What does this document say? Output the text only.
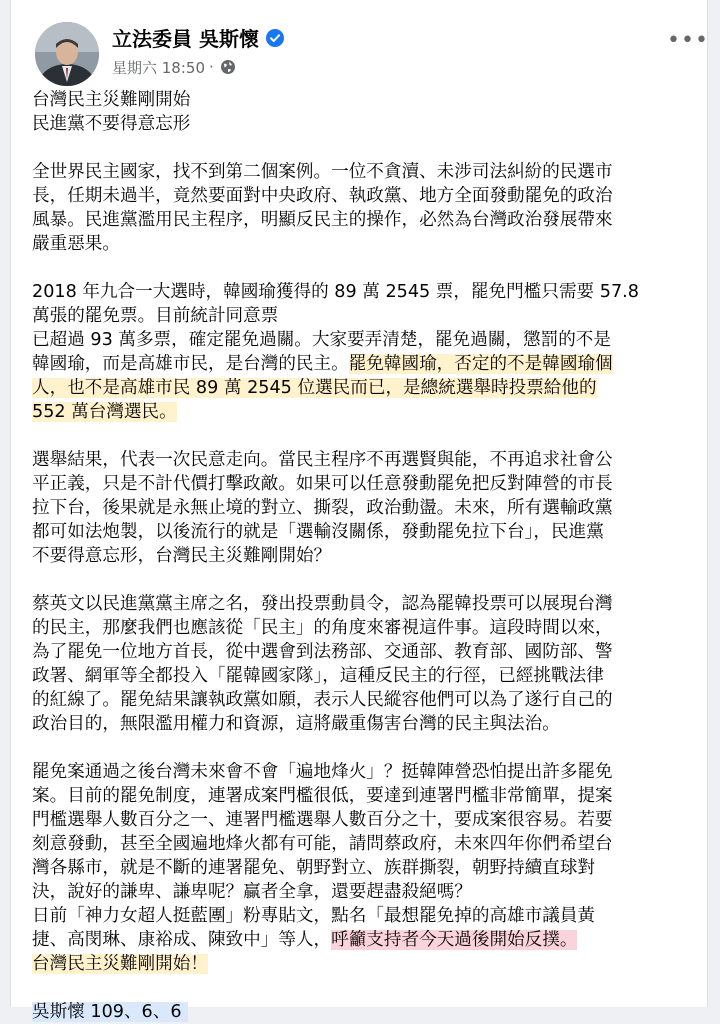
立法委員 吳斯懷
星期六 18:50 ·
•••
台灣民主災難剛開始
民進黨不要得意忘形
全世界民主國家，找不到第二個案例。一位不貪瀆、未涉司法糾紛的民選市
長，任期未過半，竟然要面對中央政府、執政黨、地方全面發動罷免的政治
風暴。民進黨濫用民主程序，明顯反民主的操作，必然為台灣政治發展帶來
嚴重惡果。
2018 年九合一大選時，韓國瑜獲得的 89 萬 2545 票，罷免門檻只需要 57.8
萬張的罷免票。目前統計同意票
已超過 93 萬多票，確定罷免過關。大家要弄清楚，罷免過關，懲罰的不是
韓國瑜，而是高雄市民，是台灣的民主。罷免韓國瑜，否定的不是韓國瑜個
人，也不是高雄市民 89 萬 2545 位選民而已，是總統選舉時投票給他的
552 萬台灣選民。
選舉結果，代表一次民意走向。當民主程序不再選賢與能，不再追求社會公
平正義，只是不計代價打擊政敵。如果可以任意發動罷免把反對陣營的市長
拉下台，後果就是永無止境的對立、撕裂，政治動盪。未來，所有選輸政黨
都可如法炮製，以後流行的就是「選輸沒關係，發動罷免拉下台」，民進黨
不要得意忘形，台灣民主災難剛開始？
蔡英文以民進黨黨主席之名，發出投票動員令，認為罷韓投票可以展現台灣
的民主，那麼我們也應該從「民主」的角度來審視這件事。這段時間以來，
為了罷免一位地方首長，從中選會到法務部、交通部、教育部、國防部、警
政署、網軍等全都投入「罷韓國家隊」，這種反民主的行徑，已經挑戰法律
的紅線了。罷免結果讓執政黨如願，表示人民縱容他們可以為了遂行自己的
政治目的，無限濫用權力和資源，這將嚴重傷害台灣的民主與法治。
罷免案通過之後台灣未來會不會「遍地烽火」？挺韓陣營恐怕提出許多罷免
案。目前的罷免制度，連署成案門檻很低，要達到連署門檻非常簡單，提案
門檻選舉人數百分之一、連署門檻選舉人數百分之十，要成案很容易。若要
刻意發動，甚至全國遍地烽火都有可能，請問蔡政府，未來四年你們希望台
灣各縣市，就是不斷的連署罷免、朝野對立、族群撕裂，朝野持續直球對
決，說好的謙卑、謙卑呢？贏者全拿，還要趕盡殺絕嗎？
日前「神力女超人挺藍團」粉專貼文，點名「最想罷免掉的高雄市議員黃
捷、高閔琳、康裕成、陳致中」等人，呼籲支持者今天過後開始反撲。
台灣民主災難剛開始！
吳斯懷 109、6、6
